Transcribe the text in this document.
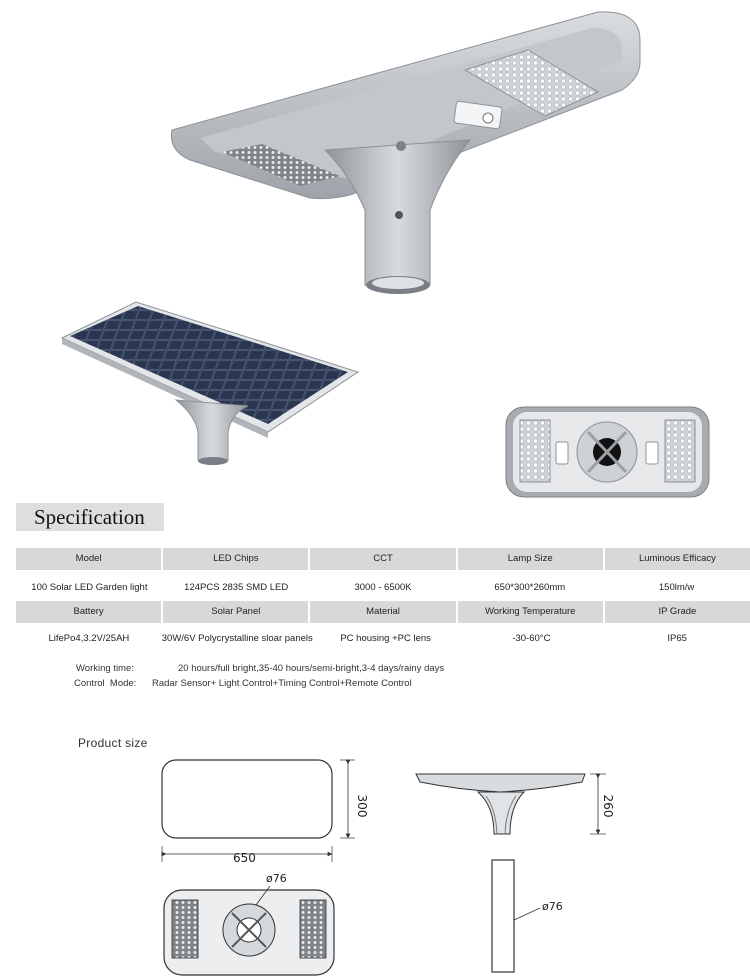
Specification
Model	LED Chips	CCT	Lamp Size	Luminous Efficacy
100 Solar LED Garden light	124PCS 2835 SMD LED	3000 - 6500K	650*300*260mm	150lm/w
Battery	Solar Panel	Material	Working Temperature	IP Grade
LifePo4,3.2V/25AH	30W/6V Polycrystalline sloar panels	PC housing +PC lens	-30-60°C	IP65
Working time:	20 hours/full bright,35-40 hours/semi-bright,3-4 days/rainy days
Control  Mode: Radar Sensor+ Light Control+Timing Control+Remote Control
Product size
650
300	260
ø76
ø76
